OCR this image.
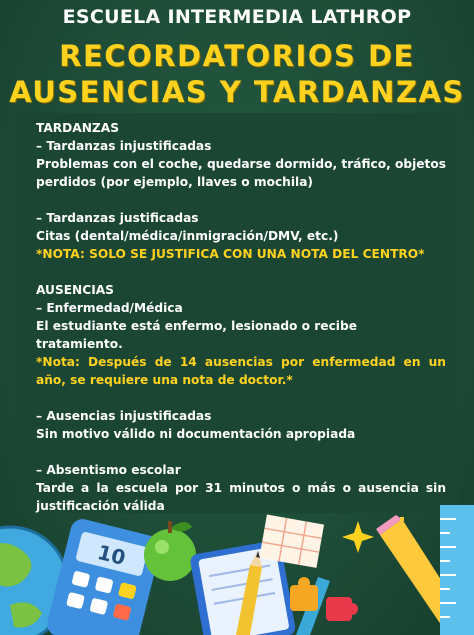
ESCUELA INTERMEDIA LATHROP
RECORDATORIOS DE
AUSENCIAS Y TARDANZAS
TARDANZAS
– Tardanzas injustificadas
Problemas con el coche, quedarse dormido, tráfico, objetos perdidos (por ejemplo, llaves o mochila)
– Tardanzas justificadas
Citas (dental/médica/inmigración/DMV, etc.)
*NOTA: SOLO SE JUSTIFICA CON UNA NOTA DEL CENTRO*
AUSENCIAS
– Enfermedad/Médica
El estudiante está enfermo, lesionado o recibe tratamiento.
*Nota: Después de 14 ausencias por enfermedad en un año, se requiere una nota de doctor.*
– Ausencias injustificadas
Sin motivo válido ni documentación apropiada
– Absentismo escolar
Tarde a la escuela por 31 minutos o más o ausencia sin justificación válida
10
